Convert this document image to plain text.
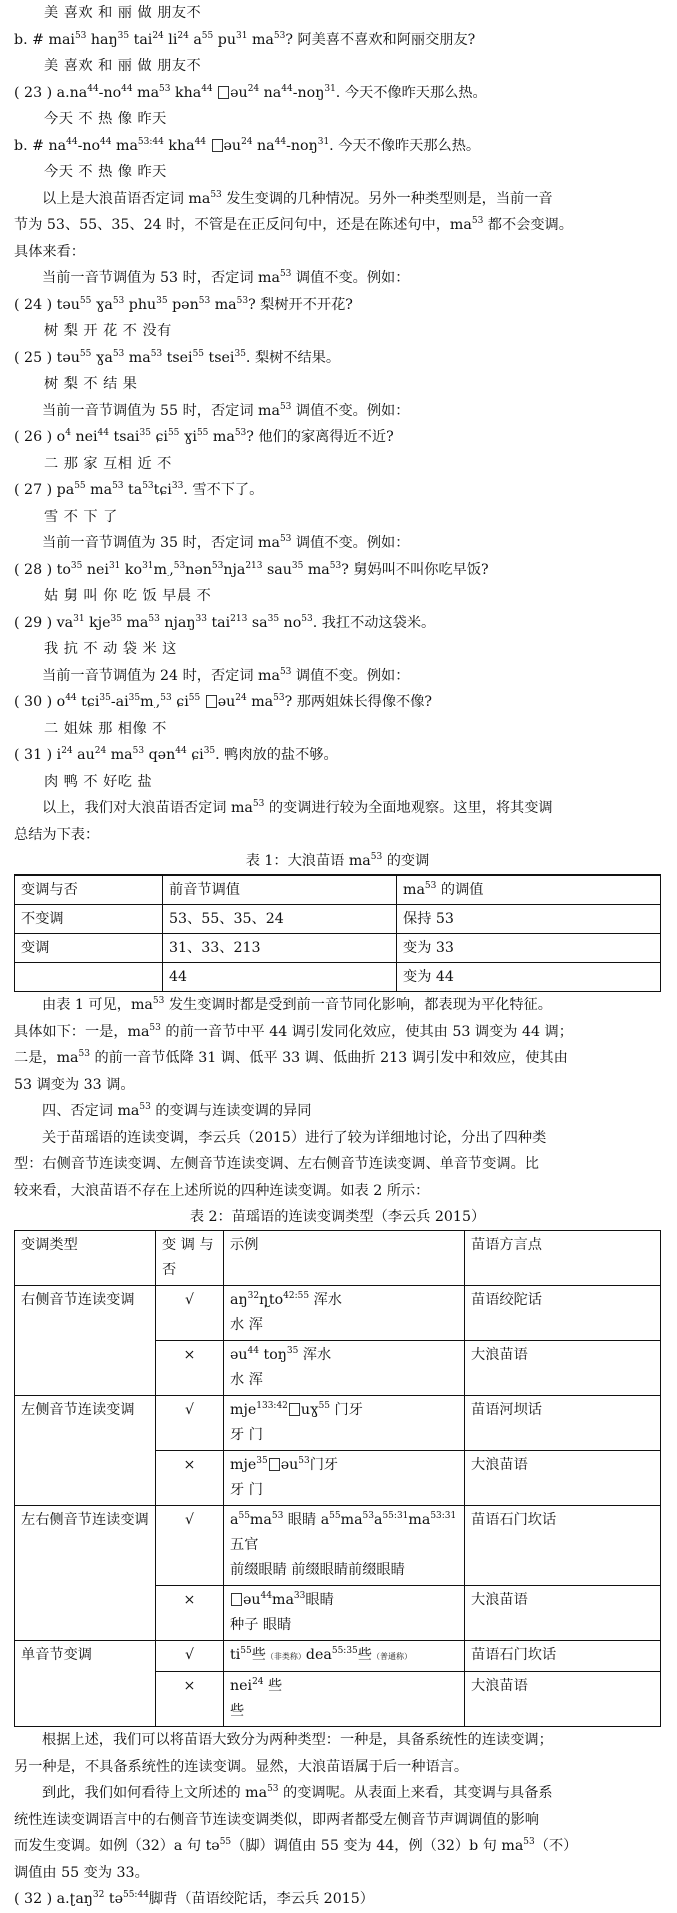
美 喜欢 和 丽 做 朋友不
b. # mai$^{53}$ haŋ$^{35}$ tai$^{24}$ $li^{24}$ $a^{55}$ $pu^{31}$ $ma^{53}$? 阿美喜不喜欢和阿丽交朋友?
美 喜欢 和 丽 做 朋友不
( 23 ) $a.na^{44}-no^{44}$ $ma^{53}$ kha$^{44}$ əu$^{24}$ $na^{44}-noŋ^{31}$. 今天不像昨天那么热。
今天 不 热 像 昨天
b. # $na^{44}-no^{44}$ $ma^{53:44}$ kha$^{44}$ əu$^{24}$ $na^{44}-noŋ^{31}$. 今天不像昨天那么热。
今天 不 热 像 昨天
以上是大浪苗语否定词 $ma^{53}$ 发生变调的几种情况。另外一种类型则是，当前一音
节为 53、55、35、24 时，不管是在正反问句中，还是在陈述句中，$ma^{53}$ 都不会变调。
具体来看：
当前一音节调值为 53 时，否定词 $ma^{53}$ 调值不变。例如：
( 24 ) təu$^{55}$ ɣa$^{53}$ phu$^{35}$ pən$^{53}$ $ma^{53}$? 梨树开不开花?
树 梨 开 花 不 没有
( 25 ) təu$^{55}$ ɣa$^{53}$ $ma^{53}$ tsei$^{55}$ tsei$^{35}$. 梨树不结果。
树 梨 不 结 果
当前一音节调值为 55 时，否定词 $ma^{53}$ 调值不变。例如：
( 26 ) $o^4$ nei$^{44}$ tsai$^{35}$ ɕi$^{55}$ ɣi$^{55}$ $ma^{53}$? 他们的家离得近不近?
二 那 家 互相 近 不
( 27 ) $pa^{55}$ $ma^{53}$ $ta^{53}tɕi^{33}$. 雪不下了。
雪 不 下 了
当前一音节调值为 35 时，否定词 $ma^{53}$ 调值不变。例如：
( 28 ) $to^{35}$ nei$^{31}$ $ko^{31}m_\cdot,^{53}nən^{53}nja^{213}$ sau$^{35}$ $ma^{53}$? 舅妈叫不叫你吃早饭?
姑 舅 叫 你 吃 饭 早晨 不
( 29 ) $va^{31}$ kje$^{35}$ $ma^{53}$ njaŋ$^{33}$ tai$^{213}$ $sa^{35}$ $no^{53}$. 我扛不动这袋米。
我 抗 不 动 袋 米 这
当前一音节调值为 24 时，否定词 $ma^{53}$ 调值不变。例如：
( 30 ) $o^{44}$ $tɕi^{35}-ai^{35}m_\cdot,^{53}$ ɕi$^{55}$ əu$^{24}$ $ma^{53}$? 那两姐妹长得像不像?
二 姐妹 那 相像 不
( 31 ) $i^{24}$ $au^{24}$ $ma^{53}$ qən$^{44}$ ɕi$^{35}$. 鸭肉放的盐不够。
肉 鸭 不 好吃 盐
以上，我们对大浪苗语否定词 $ma^{53}$ 的变调进行较为全面地观察。这里，将其变调
总结为下表：
表 1：大浪苗语 $ma^{53}$ 的变调
变调与否	前音节调值	$ma^{53}$ 的调值
不变调	53、55、35、24	保持 53
变调	31、33、213	变为 33
	44	变为 44
由表 1 可见，$ma^{53}$ 发生变调时都是受到前一音节同化影响，都表现为平化特征。
具体如下：一是，$ma^{53}$ 的前一音节中平 44 调引发同化效应，使其由 53 调变为 44 调；
二是，$ma^{53}$ 的前一音节低降 31 调、低平 33 调、低曲折 213 调引发中和效应，使其由
53 调变为 33 调。
四、否定词 $ma^{53}$ 的变调与连读变调的异同
关于苗瑶语的连读变调，李云兵（2015）进行了较为详细地讨论，分出了四种类
型：右侧音节连读变调、左侧音节连读变调、左右侧音节连读变调、单音节变调。比
较来看，大浪苗语不存在上述所说的四种连读变调。如表 2 所示：
表 2：苗瑶语的连读变调类型（李云兵 2015）
变调类型	变 调 与 否	示例	苗语方言点
右侧音节连读变调	√	$aŋ^{32}ɳ̩to^{42:55}$ 浑水
水 浑	苗语绞陀话
	×	əu$^{44}$ toŋ$^{35}$ 浑水
水 浑	大浪苗语
左侧音节连读变调	√	mje$^{133:42}$ uɣ$^{55}$ 门牙
牙 门	苗语河坝话
	×	mje$^{35}$ əu$^{53}$门牙
牙 门	大浪苗语
左右侧音节连读变调	√	$a^{55}ma^{53}$ 眼睛 $a^{55}ma^{53}a^{55:31}ma^{53:31}$
五官
前缀眼睛 前缀眼睛前缀眼睛	苗语石门坎话
	×	$əu^{44}ma^{33}$眼睛
种子 眼睛	大浪苗语
单音节变调	√	$ti^{55}$些（非类称）dea$^{55:35}$些（普通称）	苗语石门坎话
	×	nei$^{24}$ 些
些	大浪苗语
根据上述，我们可以将苗语大致分为两种类型：一种是，具备系统性的连读变调；
另一种是，不具备系统性的连读变调。显然，大浪苗语属于后一种语言。
到此，我们如何看待上文所述的 $ma^{53}$ 的变调呢。从表面上来看，其变调与具备系
统性连读变调语言中的右侧音节连读变调类似，即两者都受左侧音节声调调值的影响
而发生变调。如例（32）a 句 tə$^{55}$（脚）调值由 55 变为 44，例（32）b 句 $ma^{53}$（不）
调值由 55 变为 33。
( 32 ) a.ʈaŋ$^{32}$ tə$^{55:44}$脚背（苗语绞陀话，李云兵 2015）
